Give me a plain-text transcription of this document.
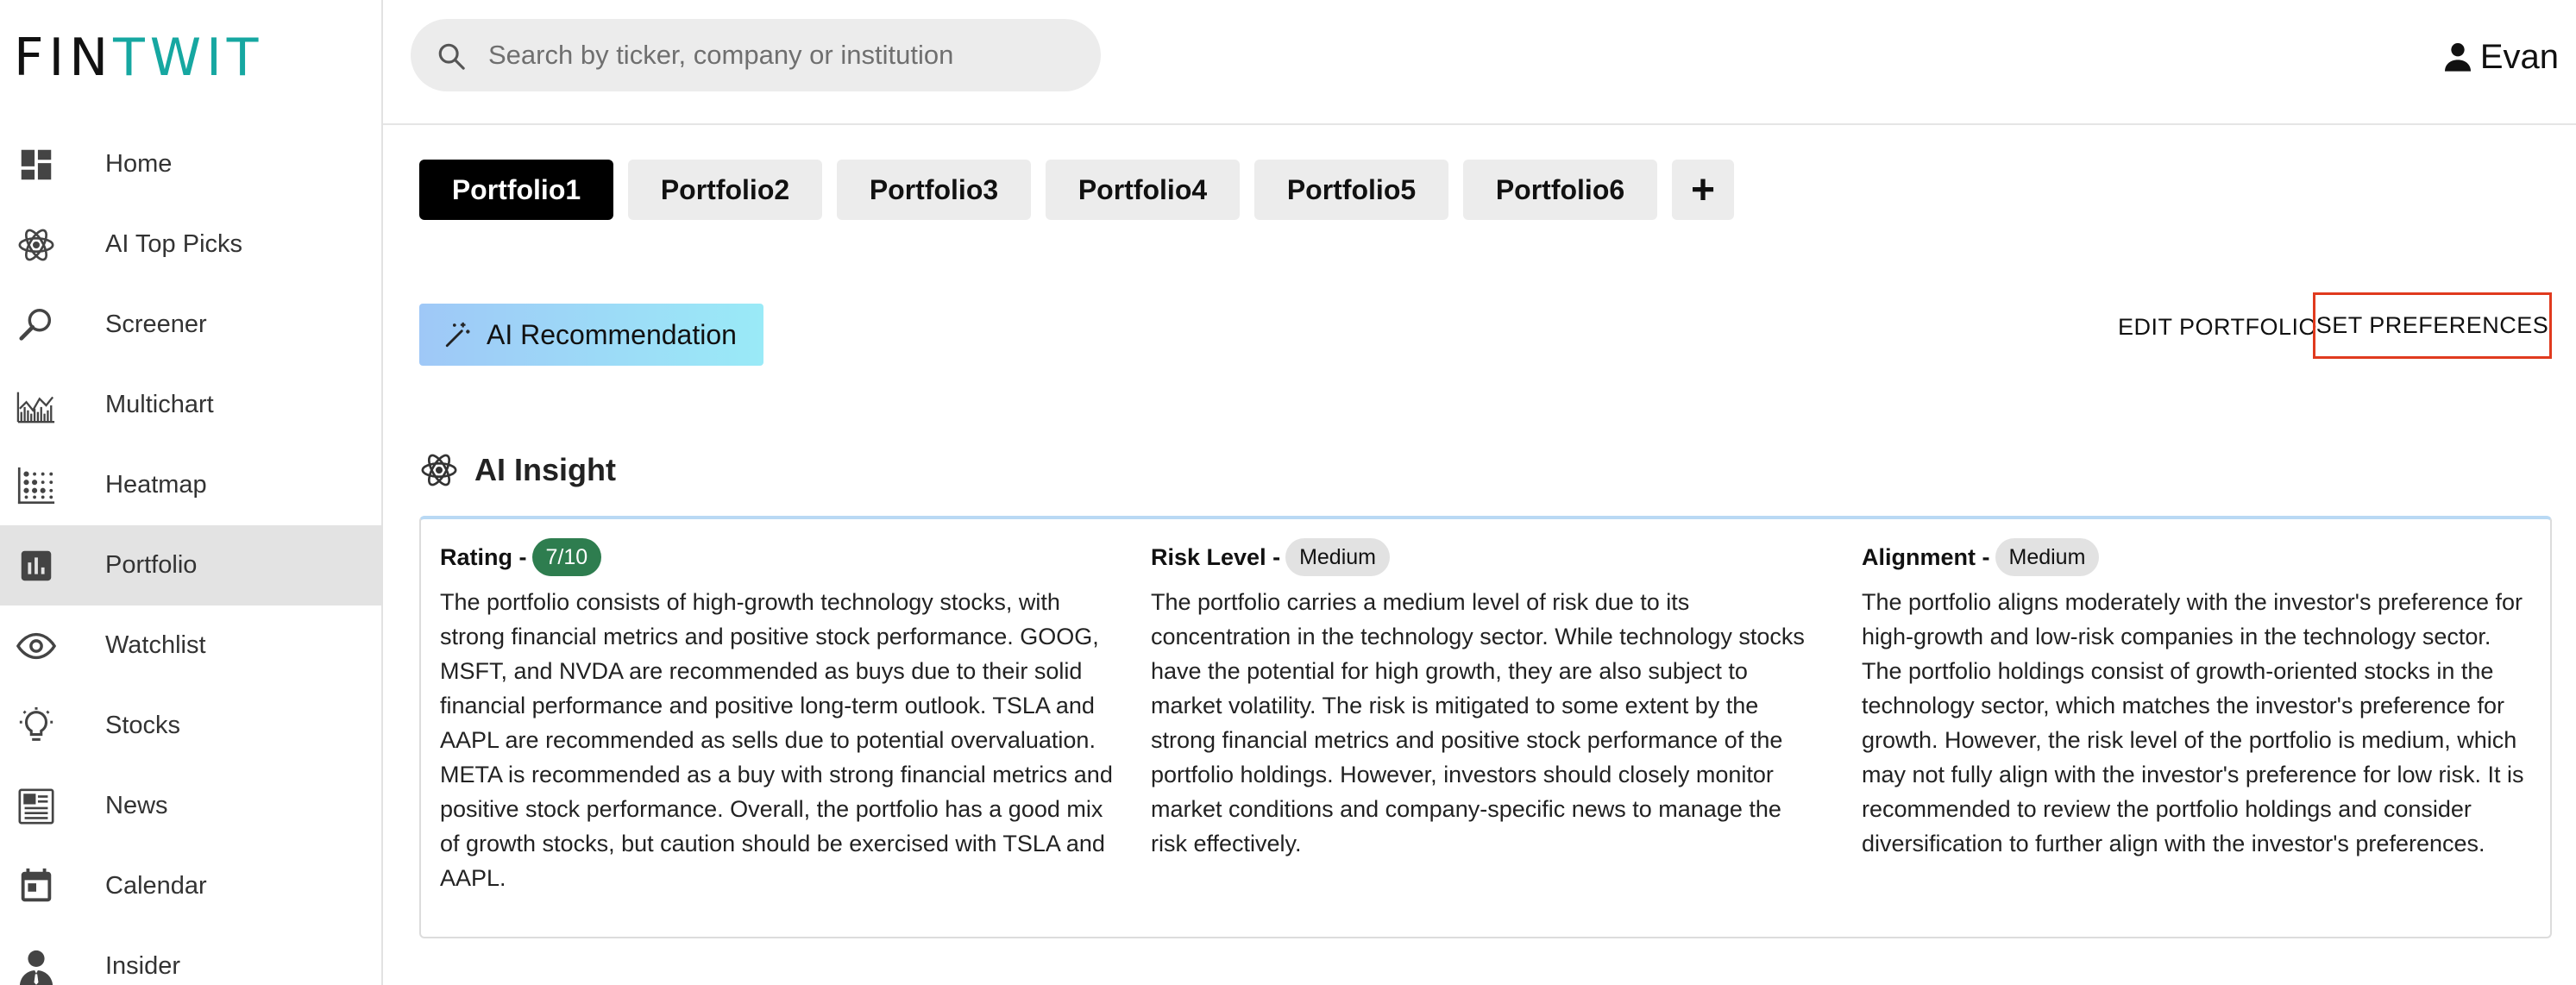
FIN TWIT
Home
AI Top Picks
Screener
Multichart
Heatmap
Portfolio
Watchlist
Stocks
News
Calendar
Insider
Search by ticker, company or institution
Evan
Portfolio1	Portfolio2	Portfolio3	Portfolio4	Portfolio5	Portfolio6	+
AI Recommendation	EDIT PORTFOLIO
SET PREFERENCES
AI Insight
Rating - 7/10

The portfolio consists of high-growth technology stocks, with strong financial metrics and positive stock performance. GOOG, MSFT, and NVDA are recommended as buys due to their solid financial performance and positive long-term outlook. TSLA and AAPL are recommended as sells due to potential overvaluation. META is recommended as a buy with strong financial metrics and positive stock performance. Overall, the portfolio has a good mix of growth stocks, but caution should be exercised with TSLA and AAPL.

Risk Level - Medium

The portfolio carries a medium level of risk due to its concentration in the technology sector. While technology stocks have the potential for high growth, they are also subject to market volatility. The risk is mitigated to some extent by the strong financial metrics and positive stock performance of the portfolio holdings. However, investors should closely monitor market conditions and company-specific news to manage the risk effectively.

Alignment - Medium

The portfolio aligns moderately with the investor's preference for high-growth and low-risk companies in the technology sector. The portfolio holdings consist of growth-oriented stocks in the technology sector, which matches the investor's preference for growth. However, the risk level of the portfolio is medium, which may not fully align with the investor's preference for low risk. It is recommended to review the portfolio holdings and consider diversification to further align with the investor's preferences.
